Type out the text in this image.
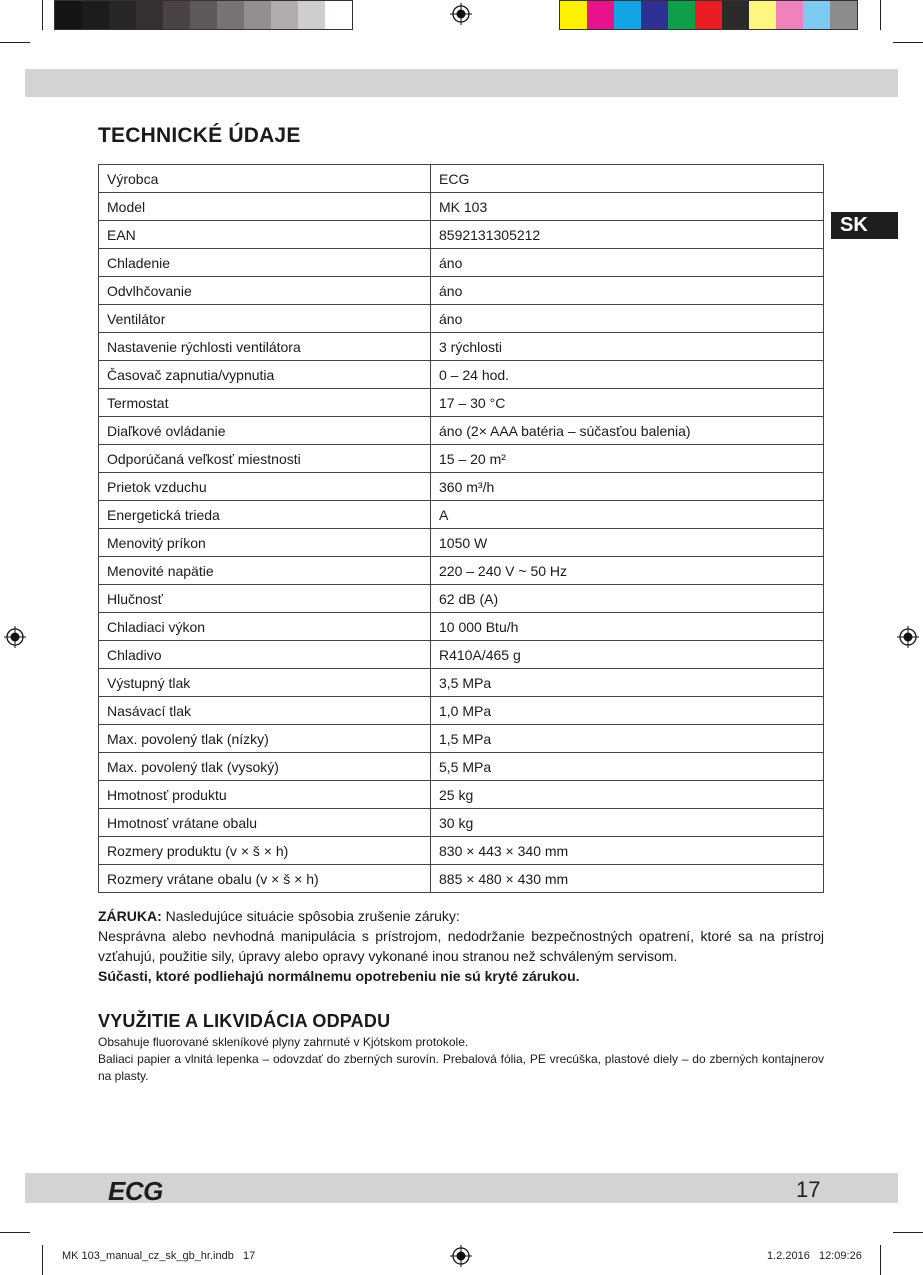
TECHNICKÉ ÚDAJE
SK
Výrobca	ECG
Model	MK 103
EAN	8592131305212
Chladenie	áno
Odvlhčovanie	áno
Ventilátor	áno
Nastavenie rýchlosti ventilátora	3 rýchlosti
Časovač zapnutia/vypnutia	0 – 24 hod.
Termostat	17 – 30 °C
Diaľkové ovládanie	áno (2× AAA batéria – súčasťou balenia)
Odporúčaná veľkosť miestnosti	15 – 20 m²
Prietok vzduchu	360 m³/h
Energetická trieda	A
Menovitý príkon	1050 W
Menovité napätie	220 – 240 V ~ 50 Hz
Hlučnosť	62 dB (A)
Chladiaci výkon	10 000 Btu/h
Chladivo	R410A/465 g
Výstupný tlak	3,5 MPa
Nasávací tlak	1,0 MPa
Max. povolený tlak (nízky)	1,5 MPa
Max. povolený tlak (vysoký)	5,5 MPa
Hmotnosť produktu	25 kg
Hmotnosť vrátane obalu	30 kg
Rozmery produktu (v × š × h)	830 × 443 × 340 mm
Rozmery vrátane obalu (v × š × h)	885 × 480 × 430 mm
ZÁRUKA: Nasledujúce situácie spôsobia zrušenie záruky:
Nesprávna alebo nevhodná manipulácia s prístrojom, nedodržanie bezpečnostných opatrení, ktoré sa na prístroj vzťahujú, použitie sily, úpravy alebo opravy vykonané inou stranou než schváleným servisom.
Súčasti, ktoré podliehajú normálnemu opotrebeniu nie sú kryté zárukou.
VYUŽITIE A LIKVIDÁCIA ODPADU
Obsahuje fluorované skleníkové plyny zahrnuté v Kjótskom protokole.
Baliaci papier a vlnitá lepenka – odovzdať do zberných surovín. Prebalová fólia, PE vrecúška, plastové diely – do zberných kontajnerov na plasty.
ECG	17
MK 103_manual_cz_sk_gb_hr.indb   17	1.2.2016   12:09:26
